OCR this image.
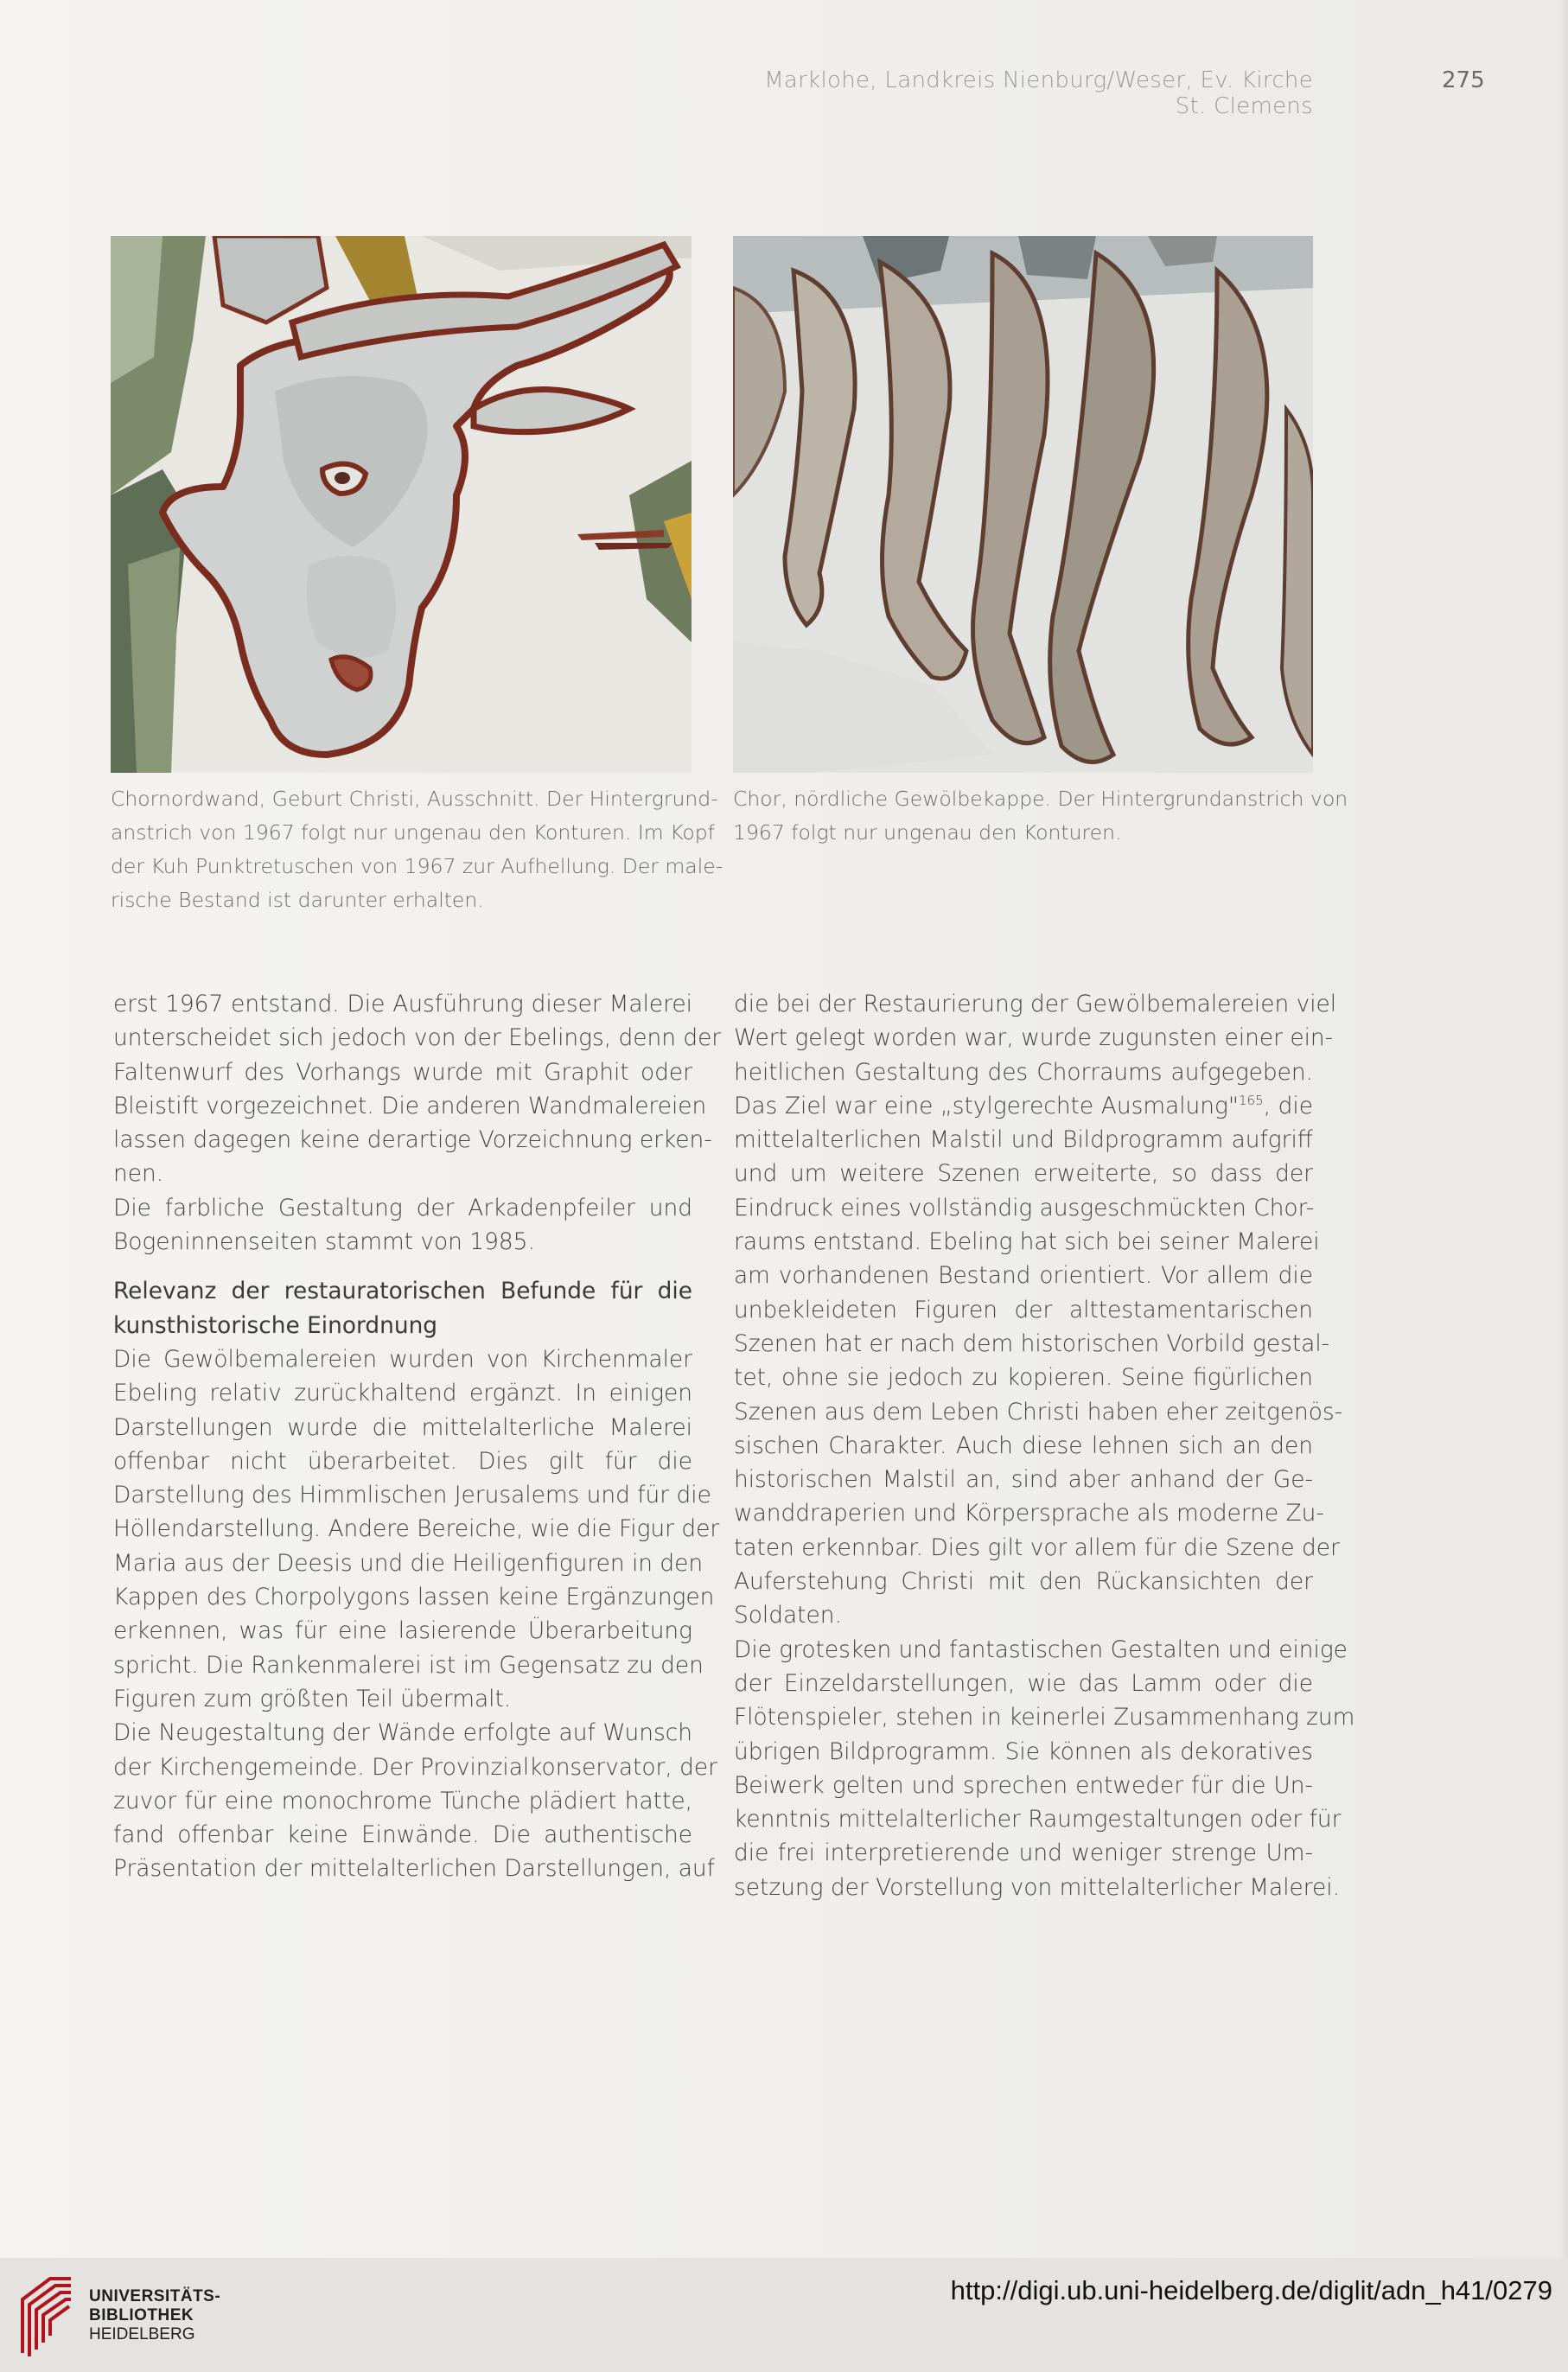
Marklohe, Landkreis Nienburg/Weser, Ev. Kirche St. Clemens
275
Chornordwand, Geburt Christi, Ausschnitt. Der Hintergrund-
anstrich von 1967 folgt nur ungenau den Konturen. Im Kopf
der Kuh Punktretuschen von 1967 zur Aufhellung. Der male-
rische Bestand ist darunter erhalten.
Chor, nördliche Gewölbekappe. Der Hintergrundanstrich von
1967 folgt nur ungenau den Konturen.
erst 1967 entstand. Die Ausführung dieser Malerei
unterscheidet sich jedoch von der Ebelings, denn der
Faltenwurf des Vorhangs wurde mit Graphit oder
Bleistift vorgezeichnet. Die anderen Wandmalereien
lassen dagegen keine derartige Vorzeichnung erken-
nen.
Die farbliche Gestaltung der Arkadenpfeiler und
Bogeninnenseiten stammt von 1985.
Relevanz der restauratorischen Befunde für die
kunsthistorische Einordnung
Die Gewölbemalereien wurden von Kirchenmaler
Ebeling relativ zurückhaltend ergänzt. In einigen
Darstellungen wurde die mittelalterliche Malerei
offenbar nicht überarbeitet. Dies gilt für die
Darstellung des Himmlischen Jerusalems und für die
Höllendarstellung. Andere Bereiche, wie die Figur der
Maria aus der Deesis und die Heiligenfiguren in den
Kappen des Chorpolygons lassen keine Ergänzungen
erkennen, was für eine lasierende Überarbeitung
spricht. Die Rankenmalerei ist im Gegensatz zu den
Figuren zum größten Teil übermalt.
Die Neugestaltung der Wände erfolgte auf Wunsch
der Kirchengemeinde. Der Provinzialkonservator, der
zuvor für eine monochrome Tünche plädiert hatte,
fand offenbar keine Einwände. Die authentische
Präsentation der mittelalterlichen Darstellungen, auf
die bei der Restaurierung der Gewölbemalereien viel
Wert gelegt worden war, wurde zugunsten einer ein-
heitlichen Gestaltung des Chorraums aufgegeben.
Das Ziel war eine „stylgerechte Ausmalung"$^{165}$, die
mittelalterlichen Malstil und Bildprogramm aufgriff
und um weitere Szenen erweiterte, so dass der
Eindruck eines vollständig ausgeschmückten Chor-
raums entstand. Ebeling hat sich bei seiner Malerei
am vorhandenen Bestand orientiert. Vor allem die
unbekleideten Figuren der alttestamentarischen
Szenen hat er nach dem historischen Vorbild gestal-
tet, ohne sie jedoch zu kopieren. Seine figürlichen
Szenen aus dem Leben Christi haben eher zeitgenös-
sischen Charakter. Auch diese lehnen sich an den
historischen Malstil an, sind aber anhand der Ge-
wanddraperien und Körpersprache als moderne Zu-
taten erkennbar. Dies gilt vor allem für die Szene der
Auferstehung Christi mit den Rückansichten der
Soldaten.
Die grotesken und fantastischen Gestalten und einige
der Einzeldarstellungen, wie das Lamm oder die
Flötenspieler, stehen in keinerlei Zusammenhang zum
übrigen Bildprogramm. Sie können als dekoratives
Beiwerk gelten und sprechen entweder für die Un-
kenntnis mittelalterlicher Raumgestaltungen oder für
die frei interpretierende und weniger strenge Um-
setzung der Vorstellung von mittelalterlicher Malerei.
UNIVERSITÄTS-
BIBLIOTHEK
HEIDELBERG
http://digi.ub.uni-heidelberg.de/diglit/adn_h41/0279
